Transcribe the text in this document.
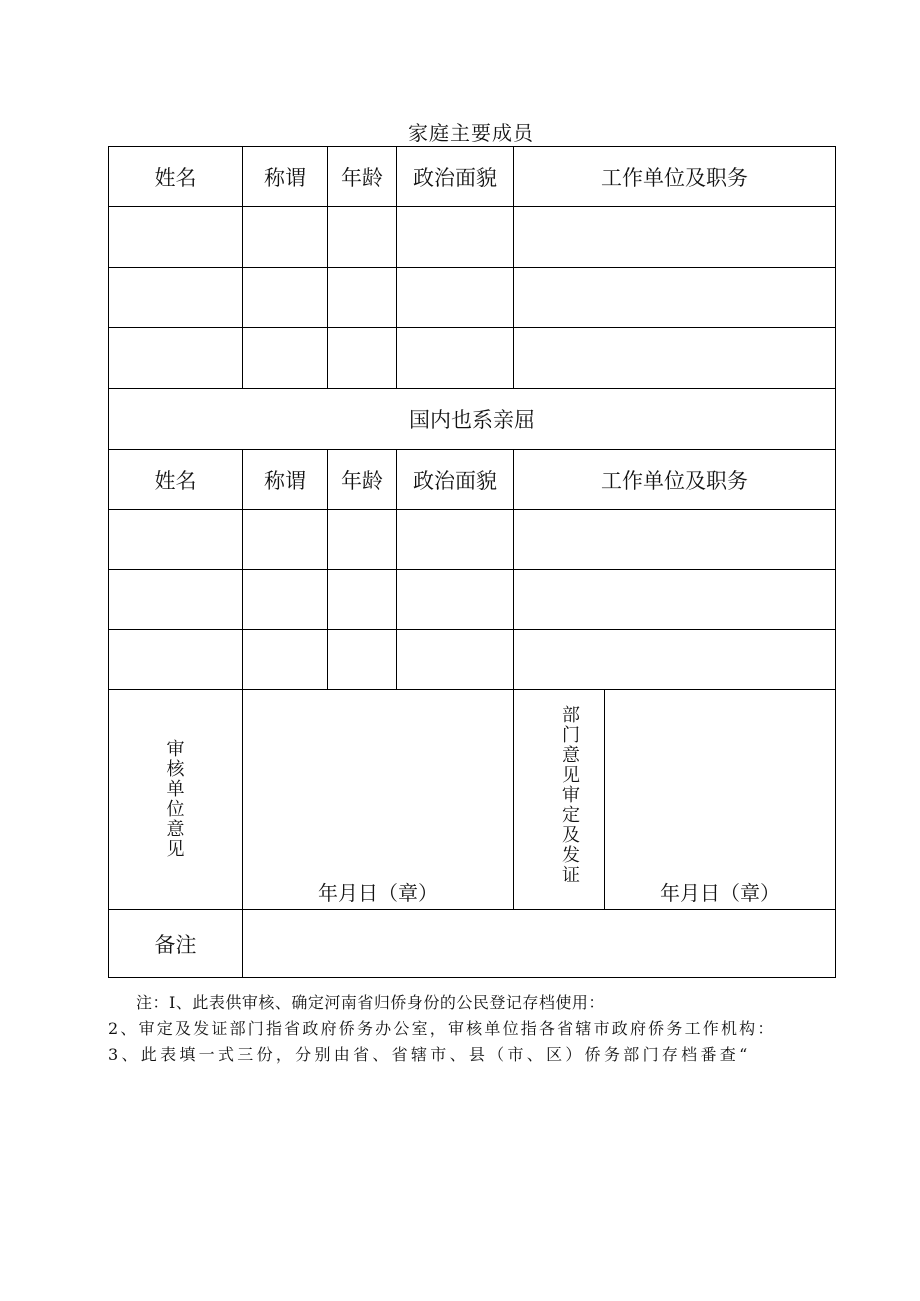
家庭主要成员
姓名	称谓	年龄	政治面貌	工作单位及职务	

国内也系亲屈					
姓名	称谓	年龄	政治面貌	工作单位及职务	

审核单位意见	年月日（章）			部门意见审定及发证	年月日（章）

备注					
注：I、此表供审核、确定河南省归侨身份的公民登记存档使用：
2、审定及发证部门指省政府侨务办公室，审核单位指各省辖市政府侨务工作机构：
3、此表填一式三份，分别由省、省辖市、县（市、区）侨务部门存档番查“
